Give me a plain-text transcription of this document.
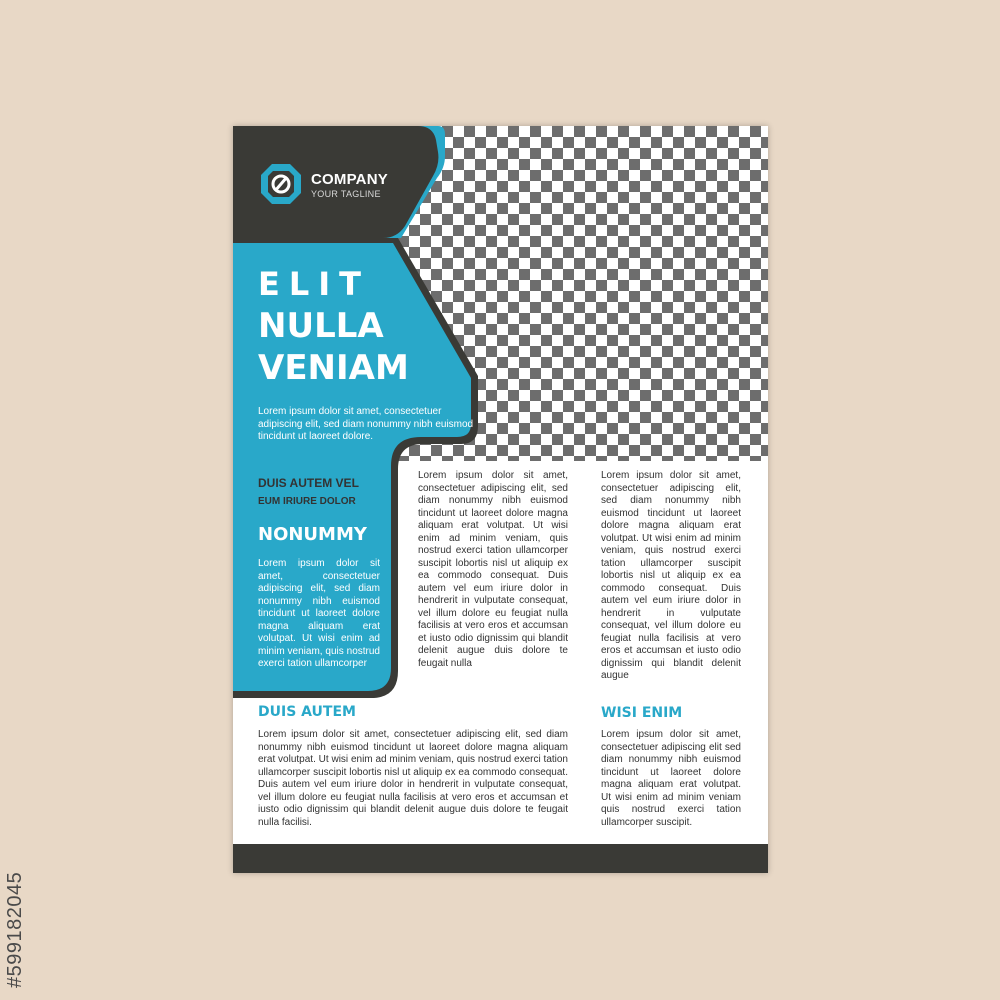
COMPANY
YOUR TAGLINE
ELIT
NULLA
VENIAM
Lorem ipsum dolor sit amet, consectetuer adipiscing elit, sed diam nonummy nibh euismod tincidunt ut laoreet dolore.
DUIS AUTEM VEL
EUM IRIURE DOLOR
NONUMMY
Lorem ipsum dolor sit amet, consectetuer adipiscing elit, sed diam nonummy nibh euismod tincidunt ut laoreet dolore magna aliquam erat volutpat. Ut wisi enim ad minim veniam, quis nostrud exerci tation ullamcorper
Lorem ipsum dolor sit amet, consectetuer adipiscing elit, sed diam nonummy nibh euismod tincidunt ut laoreet dolore magna aliquam erat volutpat. Ut wisi enim ad minim veniam, quis nostrud exerci tation ullamcorper suscipit lobortis nisl ut aliquip ex ea commodo consequat. Duis autem vel eum iriure dolor in hendrerit in vulputate consequat, vel illum dolore eu feugiat nulla facilisis at vero eros et accumsan et iusto odio dignissim qui blandit delenit augue duis dolore te feugait nulla
Lorem ipsum dolor sit amet, consectetuer adipiscing elit, sed diam nonummy nibh euismod tincidunt ut laoreet dolore magna aliquam erat volutpat. Ut wisi enim ad minim veniam, quis nostrud exerci tation ullamcorper suscipit lobortis nisl ut aliquip ex ea commodo consequat. Duis autem vel eum iriure dolor in hendrerit in vulputate consequat, vel illum dolore eu feugiat nulla facilisis at vero eros et accumsan et iusto odio dignissim qui blandit delenit augue
DUIS AUTEM	WISI ENIM
Lorem ipsum dolor sit amet, consectetuer adipiscing elit, sed diam nonummy nibh euismod tincidunt ut laoreet dolore magna aliquam erat volutpat. Ut wisi enim ad minim veniam, quis nostrud exerci tation ullamcorper suscipit lobortis nisl ut aliquip ex ea commodo consequat. Duis autem vel eum iriure dolor in hendrerit in vulputate consequat, vel illum dolore eu feugiat nulla facilisis at vero eros et accumsan et iusto odio dignissim qui blandit delenit augue duis dolore te feugait nulla facilisi.
Lorem ipsum dolor sit amet, consectetuer adipiscing elit sed diam nonummy nibh euismod tincidunt ut laoreet dolore magna aliquam erat volutpat. Ut wisi enim ad minim veniam quis nostrud exerci tation ullamcorper suscipit.
#599182045
